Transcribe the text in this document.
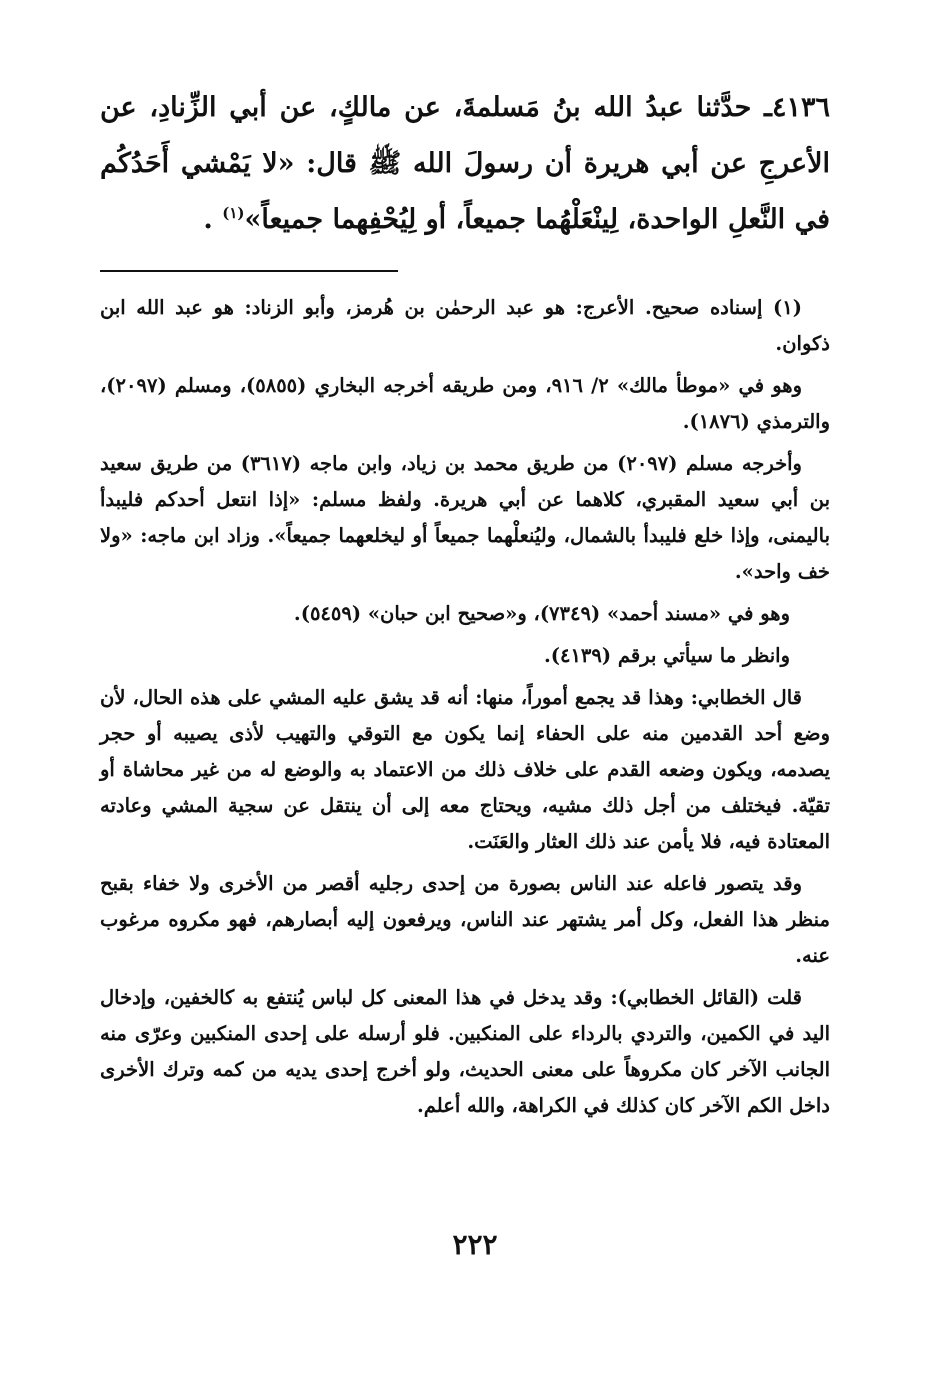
٤١٣٦ـ حدَّثنا عبدُ الله بنُ مَسلمةَ، عن مالكٍ، عن أبي الزِّنادِ، عن الأعرجِ عن أبي هريرة أن رسولَ الله ﷺ قال: «لا يَمْشي أَحَدُكُم في النَّعلِ الواحدة، لِينْعَلْهُما جميعاً، أو لِيُحْفِهما جميعاً»$^{(١)}$ .

(١) إسناده صحيح. الأعرج: هو عبد الرحمٰن بن هُرمز، وأبو الزناد: هو عبد الله ابن ذكوان.

وهو في «موطأ مالك» ٢/ ٩١٦، ومن طريقه أخرجه البخاري (٥٨٥٥)، ومسلم (٢٠٩٧)، والترمذي (١٨٧٦).

وأخرجه مسلم (٢٠٩٧) من طريق محمد بن زياد، وابن ماجه (٣٦١٧) من طريق سعيد بن أبي سعيد المقبري، كلاهما عن أبي هريرة. ولفظ مسلم: «إذا انتعل أحدكم فليبدأ باليمنى، وإذا خلع فليبدأ بالشمال، وليُنعلْهما جميعاً أو ليخلعهما جميعاً». وزاد ابن ماجه: «ولا خف واحد».

وهو في «مسند أحمد» (٧٣٤٩)، و«صحيح ابن حبان» (٥٤٥٩).

وانظر ما سيأتي برقم (٤١٣٩).

قال الخطابي: وهذا قد يجمع أموراً، منها: أنه قد يشق عليه المشي على هذه الحال، لأن وضع أحد القدمين منه على الحفاء إنما يكون مع التوقي والتهيب لأذى يصيبه أو حجر يصدمه، ويكون وضعه القدم على خلاف ذلك من الاعتماد به والوضع له من غير محاشاة أو تقيّة. فيختلف من أجل ذلك مشيه، ويحتاج معه إلى أن ينتقل عن سجية المشي وعادته المعتادة فيه، فلا يأمن عند ذلك العثار والعَنَت.

وقد يتصور فاعله عند الناس بصورة من إحدى رجليه أقصر من الأخرى ولا خفاء بقبح منظر هذا الفعل، وكل أمر يشتهر عند الناس، ويرفعون إليه أبصارهم، فهو مكروه مرغوب عنه.

قلت (القائل الخطابي): وقد يدخل في هذا المعنى كل لباس يُنتفع به كالخفين، وإدخال اليد في الكمين، والتردي بالرداء على المنكبين. فلو أرسله على إحدى المنكبين وعرّى منه الجانب الآخر كان مكروهاً على معنى الحديث، ولو أخرج إحدى يديه من كمه وترك الأخرى داخل الكم الآخر كان كذلك في الكراهة، والله أعلم.

٢٢٢
